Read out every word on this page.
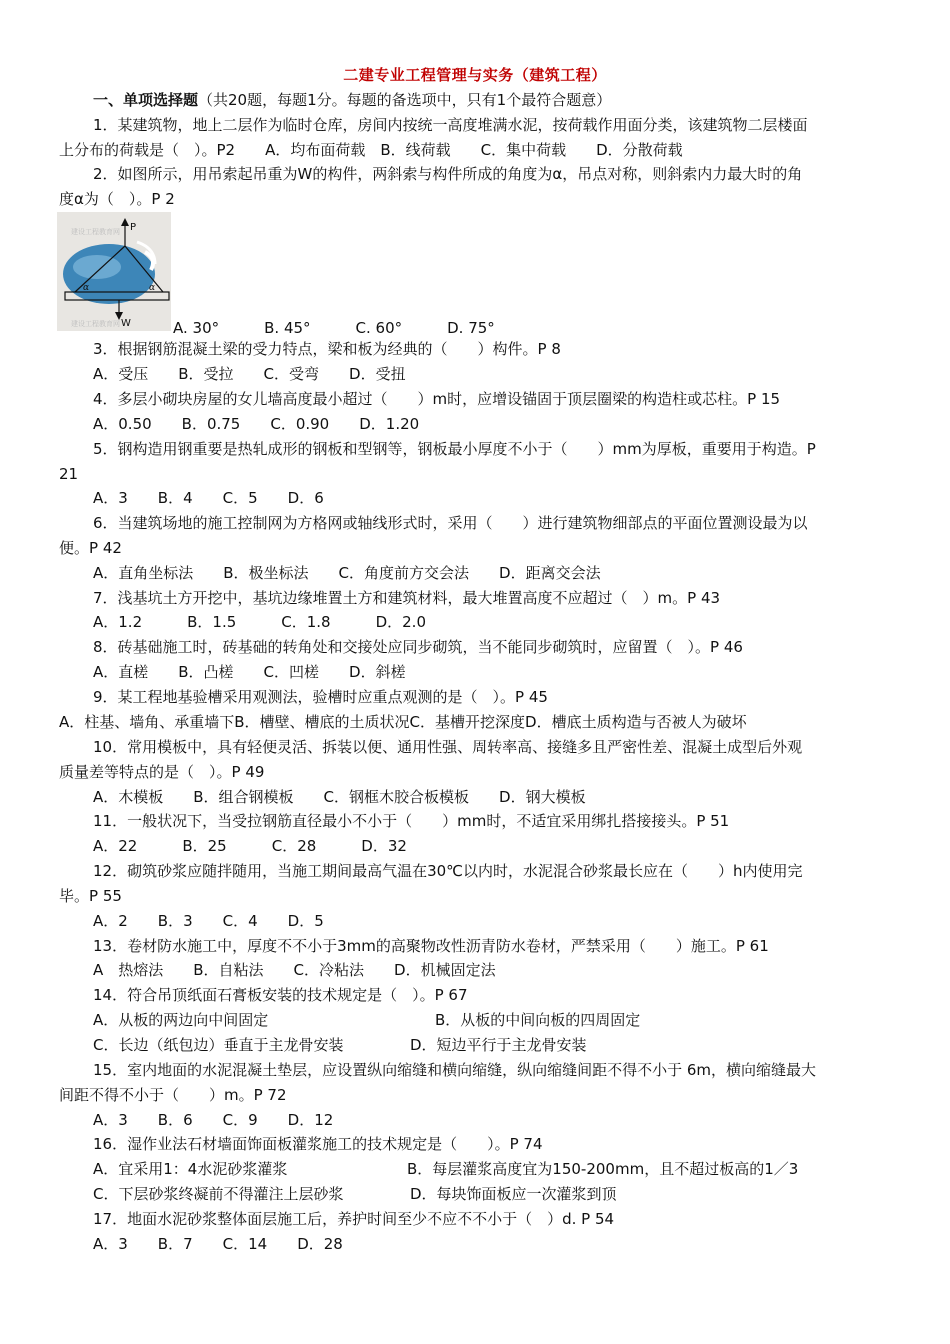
二建专业工程管理与实务（建筑工程）
一、单项选择题（共20题，每题1分。每题的备选项中，只有1个最符合题意）
1．某建筑物，地上二层作为临时仓库，房间内按统一高度堆满水泥，按荷载作用面分类，该建筑物二层楼面
上分布的荷载是（　）。P2　　A．均布面荷载　B．线荷载　　C．集中荷载　　D．分散荷载
2．如图所示，用吊索起吊重为W的构件，两斜索与构件所成的角度为α，吊点对称，则斜索内力最大时的角
度α为（　）。P 2
P
W
α	α
建设工程教育网
建设工程教育网	A. 30°　　　B. 45°　　　C. 60°　　　D. 75°
3．根据钢筋混凝土梁的受力特点，梁和板为经典的（　　）构件。P 8
A．受压　　B．受拉　　C．受弯　　D．受扭
4．多层小砌块房屋的女儿墙高度最小超过（　　）m时，应增设锚固于顶层圈梁的构造柱或芯柱。P 15
A．0.50　　B．0.75　　C．0.90　　D．1.20
5．钢构造用钢重要是热轧成形的钢板和型钢等，钢板最小厚度不小于（　　）mm为厚板，重要用于构造。P
21
A．3　　B．4　　C．5　　D．6
6．当建筑场地的施工控制网为方格网或轴线形式时，采用（　　）进行建筑物细部点的平面位置测设最为以
便。P 42
A．直角坐标法　　B．极坐标法　　C．角度前方交会法　　D．距离交会法
7．浅基坑土方开挖中，基坑边缘堆置土方和建筑材料，最大堆置高度不应超过（　）m。P 43
A．1.2　　　B．1.5　　　C．1.8　　　D．2.0
8．砖基础施工时，砖基础的转角处和交接处应同步砌筑，当不能同步砌筑时，应留置（　）。P 46
A．直槎　　B．凸槎　　C．凹槎　　D．斜槎
9．某工程地基验槽采用观测法，验槽时应重点观测的是（　）。P 45
A．柱基、墙角、承重墙下B．槽壁、槽底的土质状况C．基槽开挖深度D．槽底土质构造与否被人为破坏
10．常用模板中，具有轻便灵活、拆装以便、通用性强、周转率高、接缝多且严密性差、混凝土成型后外观
质量差等特点的是（　）。P 49
A．木模板　　B．组合钢模板　　C．钢框木胶合板模板　　D．钢大模板
11．一般状况下，当受拉钢筋直径最小不小于（　　）mm时，不适宜采用绑扎搭接接头。P 51
A．22　　　B．25　　　C．28　　　D．32
12．砌筑砂浆应随拌随用，当施工期间最高气温在30℃以内时，水泥混合砂浆最长应在（　　）h内使用完
毕。P 55
A．2　　B．3　　C．4　　D．5
13．卷材防水施工中，厚度不不小于3mm的高聚物改性沥青防水卷材，严禁采用（　　）施工。P 61
A　热熔法　　B．自粘法　　C．冷粘法　　D．机械固定法
14．符合吊顶纸面石膏板安装的技术规定是（　）。P 67
A．从板的两边向中间固定	B．从板的中间向板的四周固定
C．长边（纸包边）垂直于主龙骨安装	D．短边平行于主龙骨安装
15．室内地面的水泥混凝土垫层，应设置纵向缩缝和横向缩缝，纵向缩缝间距不得不小于 6m，横向缩缝最大
间距不得不小于（　　）m。P 72
A．3　　B．6　　C．9　　D．12
16．湿作业法石材墙面饰面板灌浆施工的技术规定是（　　）。P 74
A．宜采用1：4水泥砂浆灌浆	B．每层灌浆高度宜为150-200mm，且不超过板高的1／3
C．下层砂浆终凝前不得灌注上层砂浆	D．每块饰面板应一次灌浆到顶
17．地面水泥砂浆整体面层施工后，养护时间至少不应不不小于（　）d. P 54
A．3　　B．7　　C．14　　D．28
